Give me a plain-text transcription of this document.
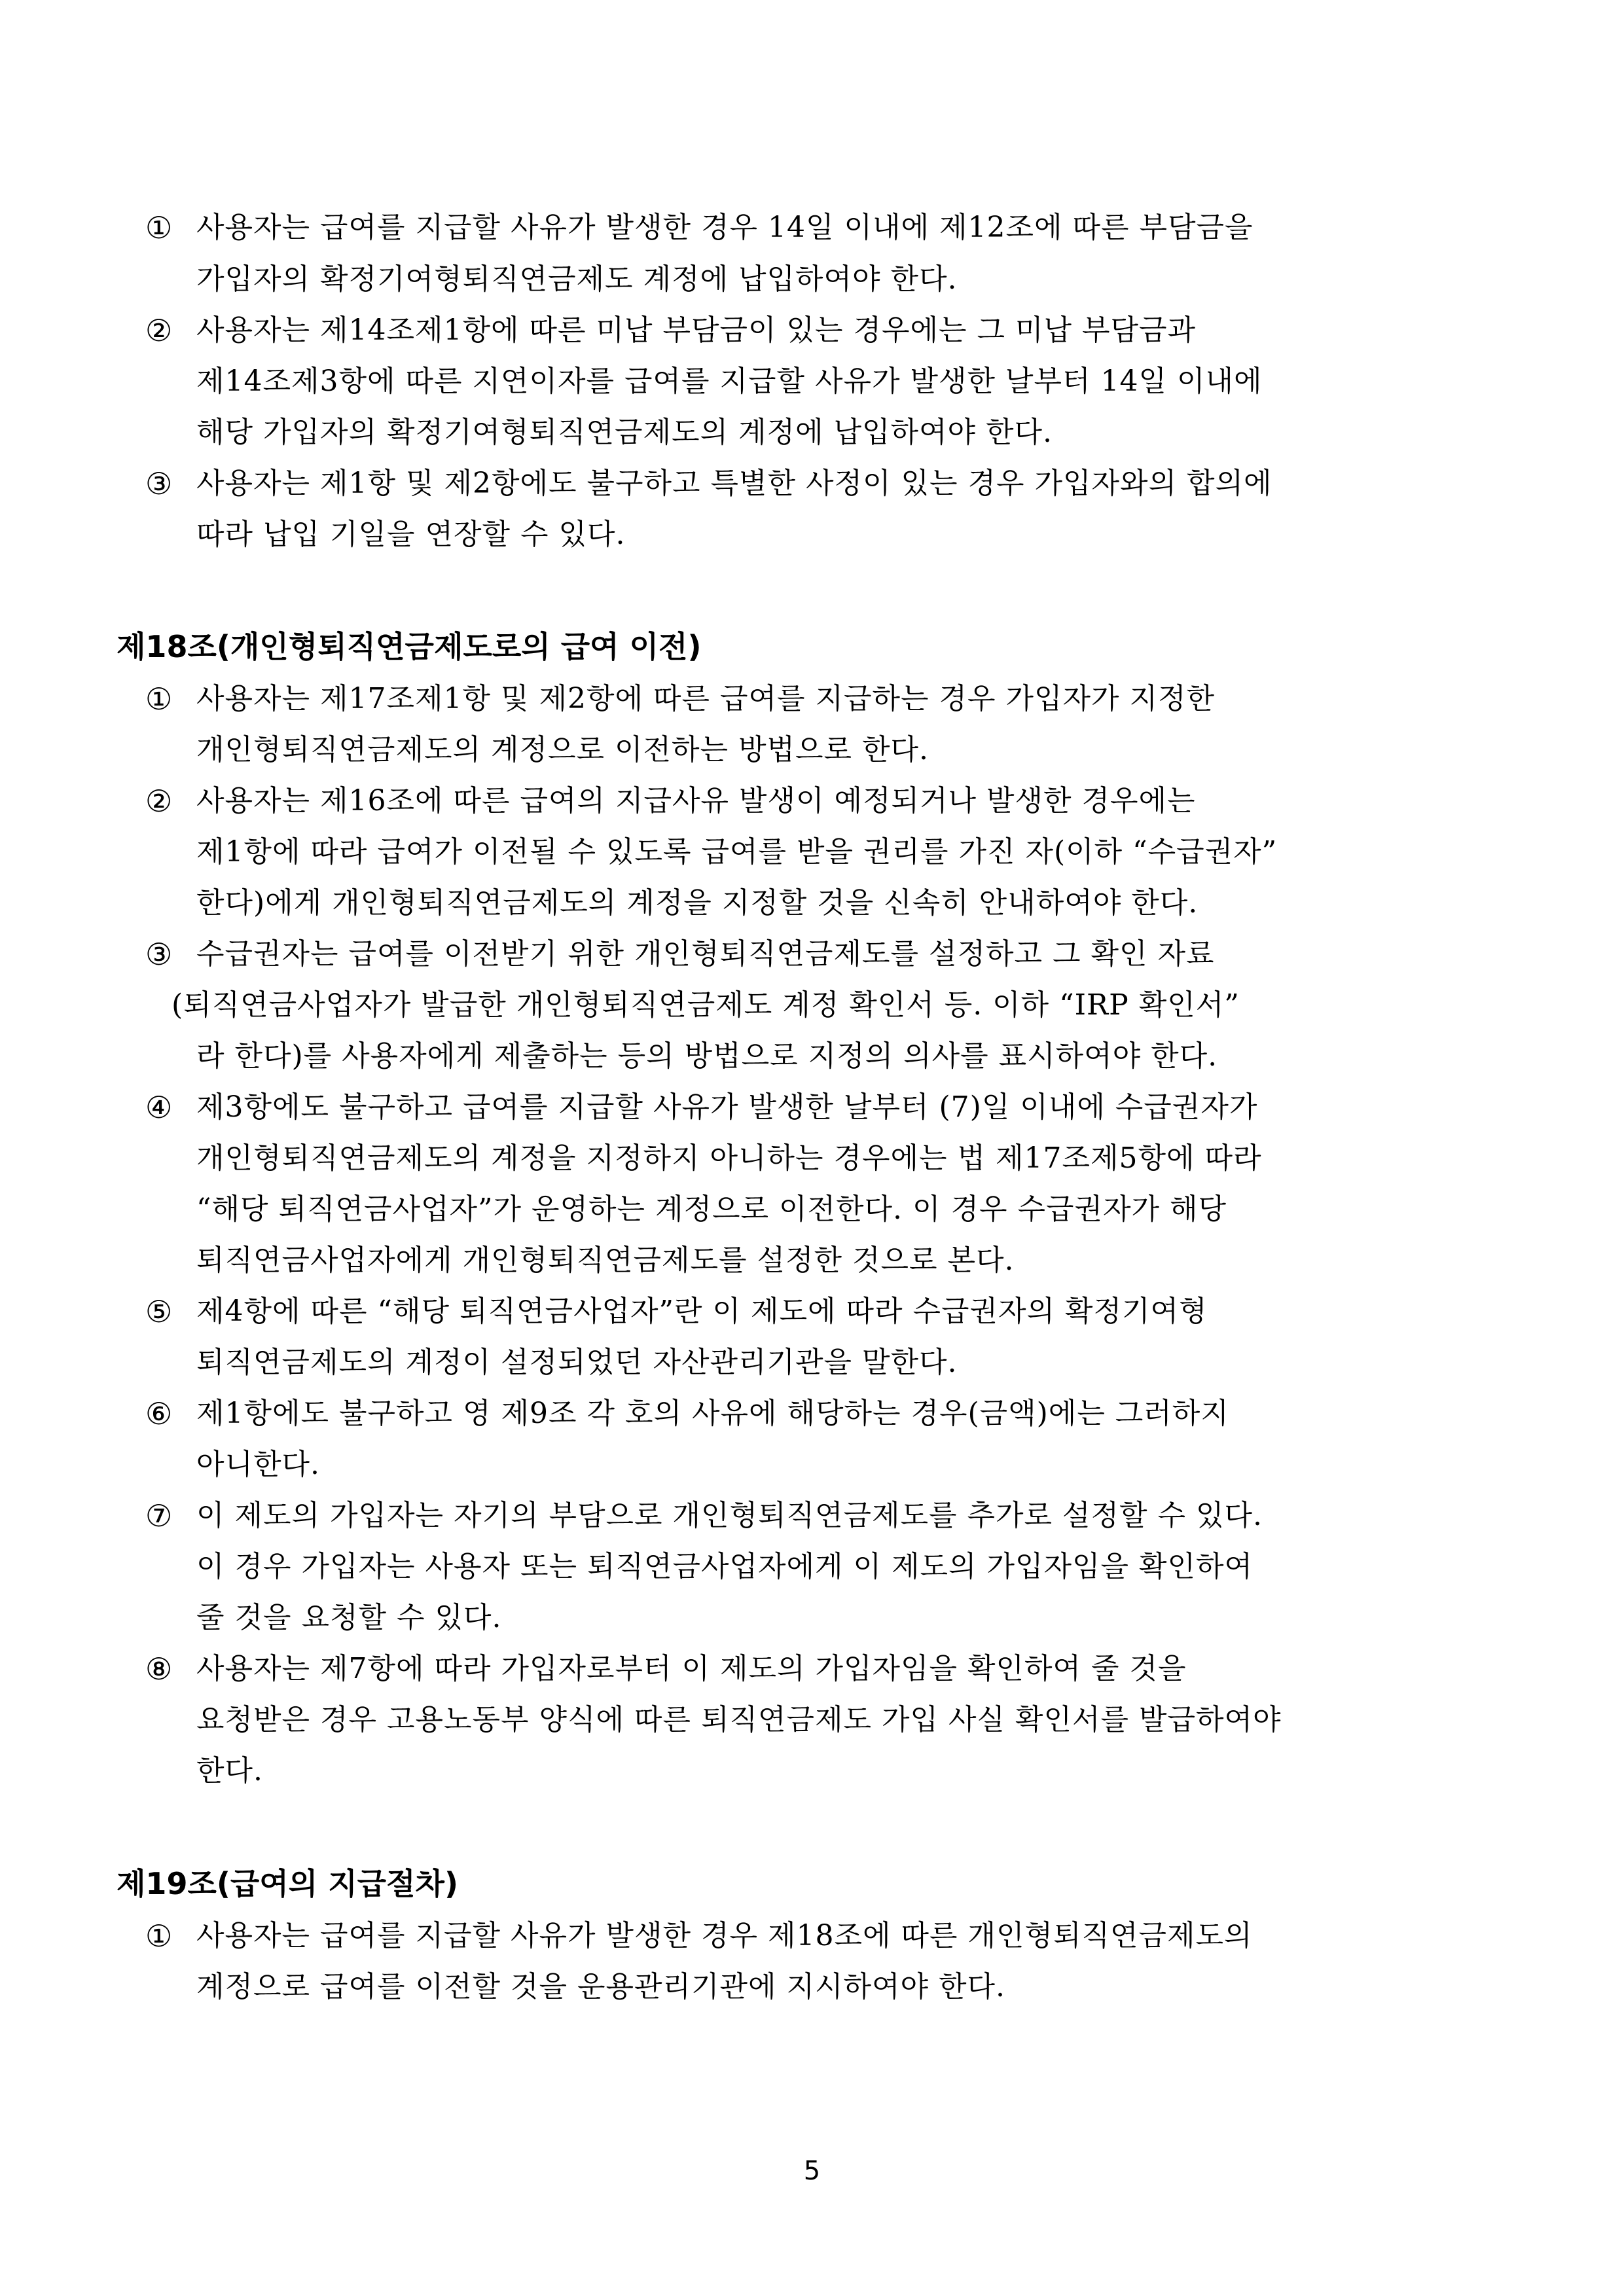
① 사용자는 급여를 지급할 사유가 발생한 경우 14일 이내에 제12조에 따른 부담금을
가입자의 확정기여형퇴직연금제도 계정에 납입하여야 한다.
② 사용자는 제14조제1항에 따른 미납 부담금이 있는 경우에는 그 미납 부담금과
제14조제3항에 따른 지연이자를 급여를 지급할 사유가 발생한 날부터 14일 이내에
해당 가입자의 확정기여형퇴직연금제도의 계정에 납입하여야 한다.
③ 사용자는 제1항 및 제2항에도 불구하고 특별한 사정이 있는 경우 가입자와의 합의에
따라 납입 기일을 연장할 수 있다.
제18조(개인형퇴직연금제도로의 급여 이전)
① 사용자는 제17조제1항 및 제2항에 따른 급여를 지급하는 경우 가입자가 지정한
개인형퇴직연금제도의 계정으로 이전하는 방법으로 한다.
② 사용자는 제16조에 따른 급여의 지급사유 발생이 예정되거나 발생한 경우에는
제1항에 따라 급여가 이전될 수 있도록 급여를 받을 권리를 가진 자(이하 “수급권자”
한다)에게 개인형퇴직연금제도의 계정을 지정할 것을 신속히 안내하여야 한다.
③ 수급권자는 급여를 이전받기 위한 개인형퇴직연금제도를 설정하고 그 확인 자료
(퇴직연금사업자가 발급한 개인형퇴직연금제도 계정 확인서 등. 이하 “IRP 확인서”
라 한다)를 사용자에게 제출하는 등의 방법으로 지정의 의사를 표시하여야 한다.
④ 제3항에도 불구하고 급여를 지급할 사유가 발생한 날부터 (7)일 이내에 수급권자가
개인형퇴직연금제도의 계정을 지정하지 아니하는 경우에는 법 제17조제5항에 따라
“해당 퇴직연금사업자”가 운영하는 계정으로 이전한다. 이 경우 수급권자가 해당
퇴직연금사업자에게 개인형퇴직연금제도를 설정한 것으로 본다.
⑤ 제4항에 따른 “해당 퇴직연금사업자”란 이 제도에 따라 수급권자의 확정기여형
퇴직연금제도의 계정이 설정되었던 자산관리기관을 말한다.
⑥ 제1항에도 불구하고 영 제9조 각 호의 사유에 해당하는 경우(금액)에는 그러하지
아니한다.
⑦ 이 제도의 가입자는 자기의 부담으로 개인형퇴직연금제도를 추가로 설정할 수 있다.
이 경우 가입자는 사용자 또는 퇴직연금사업자에게 이 제도의 가입자임을 확인하여
줄 것을 요청할 수 있다.
⑧ 사용자는 제7항에 따라 가입자로부터 이 제도의 가입자임을 확인하여 줄 것을
요청받은 경우 고용노동부 양식에 따른 퇴직연금제도 가입 사실 확인서를 발급하여야
한다.
제19조(급여의 지급절차)
① 사용자는 급여를 지급할 사유가 발생한 경우 제18조에 따른 개인형퇴직연금제도의
계정으로 급여를 이전할 것을 운용관리기관에 지시하여야 한다.
5
